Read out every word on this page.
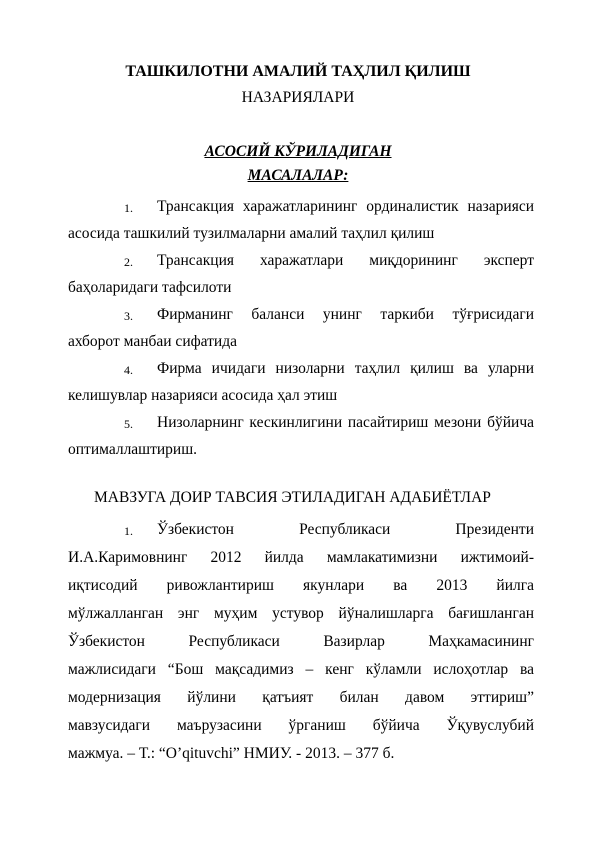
ТАШКИЛОТНИ АМАЛИЙ ТАҲЛИЛ ҚИЛИШ
НАЗАРИЯЛАРИ
АСОСИЙ КЎРИЛАДИГАН
МАСАЛАЛАР:
1. Трансакция харажатларининг ординалистик назарияси
асосида ташкилий тузилмаларни амалий таҳлил қилиш
2. Трансакция харажатлари миқдорининг эксперт
баҳоларидаги тафсилоти
3. Фирманинг баланси унинг таркиби тўғрисидаги
ахборот манбаи сифатида
4. Фирма ичидаги низоларни таҳлил қилиш ва уларни
келишувлар назарияси асосида ҳал этиш
5. Низоларнинг кескинлигини пасайтириш мезони бўйича
оптималлаштириш.
МАВЗУГА ДОИР ТАВСИЯ ЭТИЛАДИГАН АДАБИЁТЛАР
1. Ўзбекистон Республикаси Президенти
И.А.Каримовнинг 2012 йилда мамлакатимизни ижтимоий-
иқтисодий ривожлантириш якунлари ва 2013 йилга
мўлжалланган энг муҳим устувор йўналишларга бағишланган
Ўзбекистон Республикаси Вазирлар Маҳкамасининг
мажлисидаги “Бош мақсадимиз – кенг кўламли ислоҳотлар ва
модернизация йўлини қатъият билан давом эттириш”
мавзусидаги маърузасини ўрганиш бўйича Ўқувуслубий
мажмуа. – Т.: “O’qituvchi” НМИУ. - 2013. – 377 б.
